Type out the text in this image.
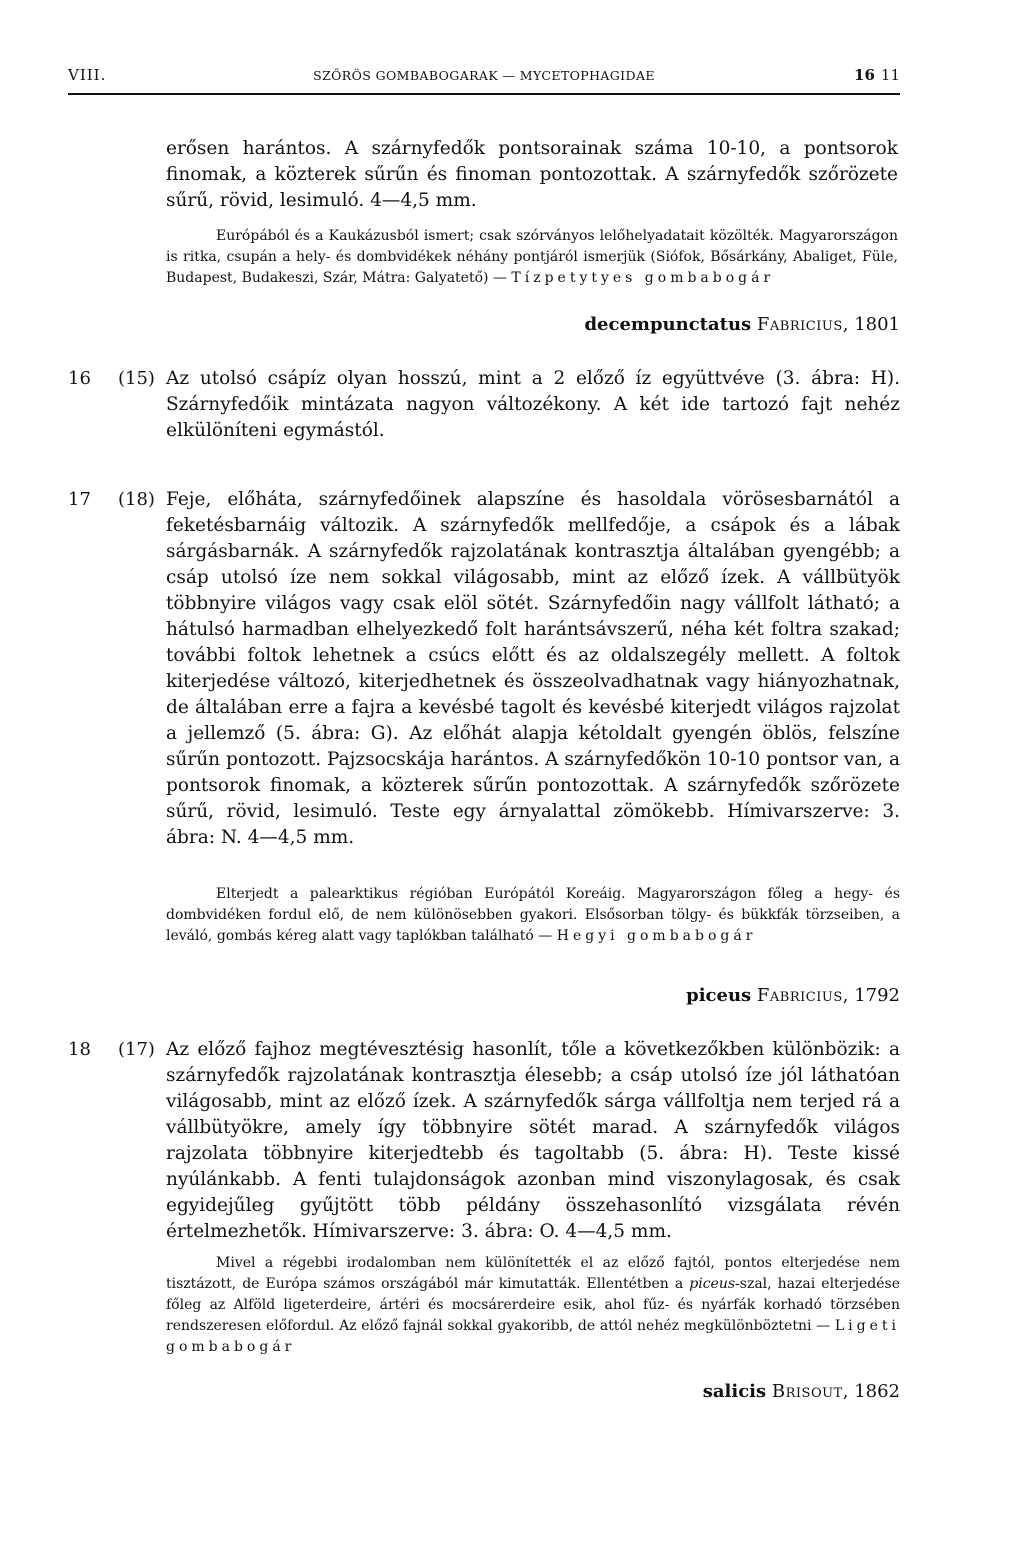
VIII.	SZŐRÖS GOMBABOGARAK — MYCETOPHAGIDAE	16 11

erősen harántos. A szárnyfedők pontsorainak száma 10-10, a pontsorok finomak, a közterek sűrűn és finoman pontozottak. A szárnyfedők szőrözete sűrű, rövid, lesimuló. 4—4,5 mm.

Európából és a Kaukázusból ismert; csak szórványos lelőhelyadatait közölték. Magyarországon is ritka, csupán a hely- és dombvidékek néhány pontjáról ismerjük (Siófok, Bősárkány, Abaliget, Füle, Budapest, Budakeszi, Szár, Mátra: Galyatető) — Tízpetytyes gombabogár

decempunctatus Fabricius, 1801
16 (15) Az utolsó csápíz olyan hosszú, mint a 2 előző íz együttvéve (3. ábra: H). Szárnyfedőik mintázata nagyon változékony. A két ide tartozó fajt nehéz elkülöníteni egymástól.

17 (18) Feje, előháta, szárnyfedőinek alapszíne és hasoldala vörösesbarnától a feketésbarnáig változik. A szárnyfedők mellfedője, a csápok és a lábak sárgásbarnák. A szárnyfedők rajzolatának kontrasztja általában gyengébb; a csáp utolsó íze nem sokkal világosabb, mint az előző ízek. A vállbütyök többnyire világos vagy csak elöl sötét. Szárnyfedőin nagy vállfolt látható; a hátulsó harmadban elhelyezkedő folt harántsávszerű, néha két foltra szakad; további foltok lehetnek a csúcs előtt és az oldalszegély mellett. A foltok kiterjedése változó, kiterjedhetnek és összeolvadhatnak vagy hiányozhatnak, de általában erre a fajra a kevésbé tagolt és kevésbé kiterjedt világos rajzolat a jellemző (5. ábra: G). Az előhát alapja kétoldalt gyengén öblös, felszíne sűrűn pontozott. Pajzsocskája harántos. A szárnyfedőkön 10-10 pontsor van, a pontsorok finomak, a közterek sűrűn pontozottak. A szárnyfedők szőrözete sűrű, rövid, lesimuló. Teste egy árnyalattal zömökebb. Hímivarszerve: 3. ábra: N. 4—4,5 mm.

Elterjedt a palearktikus régióban Európától Koreáig. Magyarországon főleg a hegy- és dombvidéken fordul elő, de nem különösebben gyakori. Elsősorban tölgy- és bükkfák törzseiben, a leváló, gombás kéreg alatt vagy taplókban található — Hegyi gombabogár

piceus Fabricius, 1792
18 (17) Az előző fajhoz megtévesztésig hasonlít, tőle a következőkben különbözik: a szárnyfedők rajzolatának kontrasztja élesebb; a csáp utolsó íze jól láthatóan világosabb, mint az előző ízek. A szárnyfedők sárga vállfoltja nem terjed rá a vállbütyökre, amely így többnyire sötét marad. A szárnyfedők világos rajzolata többnyire kiterjedtebb és tagoltabb (5. ábra: H). Teste kissé nyúlánkabb. A fenti tulajdonságok azonban mind viszonylagosak, és csak egyidejűleg gyűjtött több példány összehasonlító vizsgálata révén értelmezhetők. Hímivarszerve: 3. ábra: O. 4—4,5 mm.

Mivel a régebbi irodalomban nem különítették el az előző fajtól, pontos elterjedése nem tisztázott, de Európa számos országából már kimutatták. Ellentétben a piceus-szal, hazai elterjedése főleg az Alföld ligeterdeire, ártéri és mocsárerdeire esik, ahol fűz- és nyárfák korhadó törzsében rendszeresen előfordul. Az előző fajnál sokkal gyakoribb, de attól nehéz megkülönböztetni — Ligeti gombabogár

salicis Brisout, 1862
